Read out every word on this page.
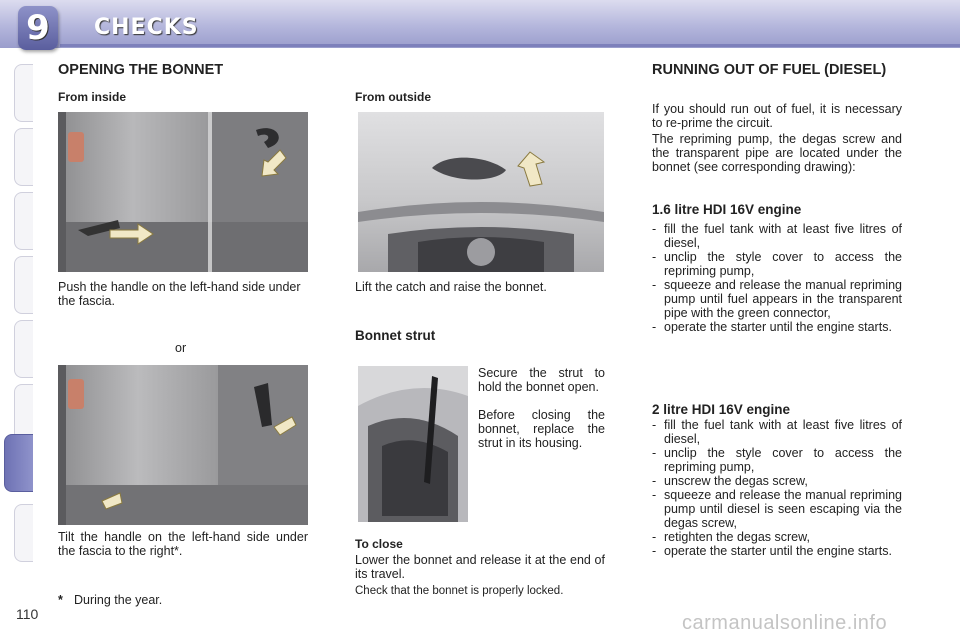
9	CHECKS
OPENING THE BONNET
From inside

Push the handle on the left-hand side under the fascia.

or

Tilt the handle on the left-hand side under the fascia to the right*.

* During the year.

From outside

Lift the catch and raise the bonnet.

Bonnet strut

Secure the strut to hold the bonnet open.

Before closing the bonnet, replace the strut in its housing.

To close

Lower the bonnet and release it at the end of its travel.

Check that the bonnet is properly locked.

RUNNING OUT OF FUEL (DIESEL)

If you should run out of fuel, it is necessary to re-prime the circuit.

The repriming pump, the degas screw and the transparent pipe are located under the bonnet (see corresponding drawing):

1.6 litre HDI 16V engine
- fill the fuel tank with at least five litres of diesel,
- unclip the style cover to access the repriming pump,
- squeeze and release the manual repriming pump until fuel appears in the transparent pipe with the green connector,
- operate the starter until the engine starts.
2 litre HDI 16V engine
- fill the fuel tank with at least five litres of diesel,
- unclip the style cover to access the repriming pump,
- unscrew the degas screw,
- squeeze and release the manual repriming pump until diesel is seen escaping via the degas screw,
- retighten the degas screw,
- operate the starter until the engine starts.
110	carmanualsonline.info
